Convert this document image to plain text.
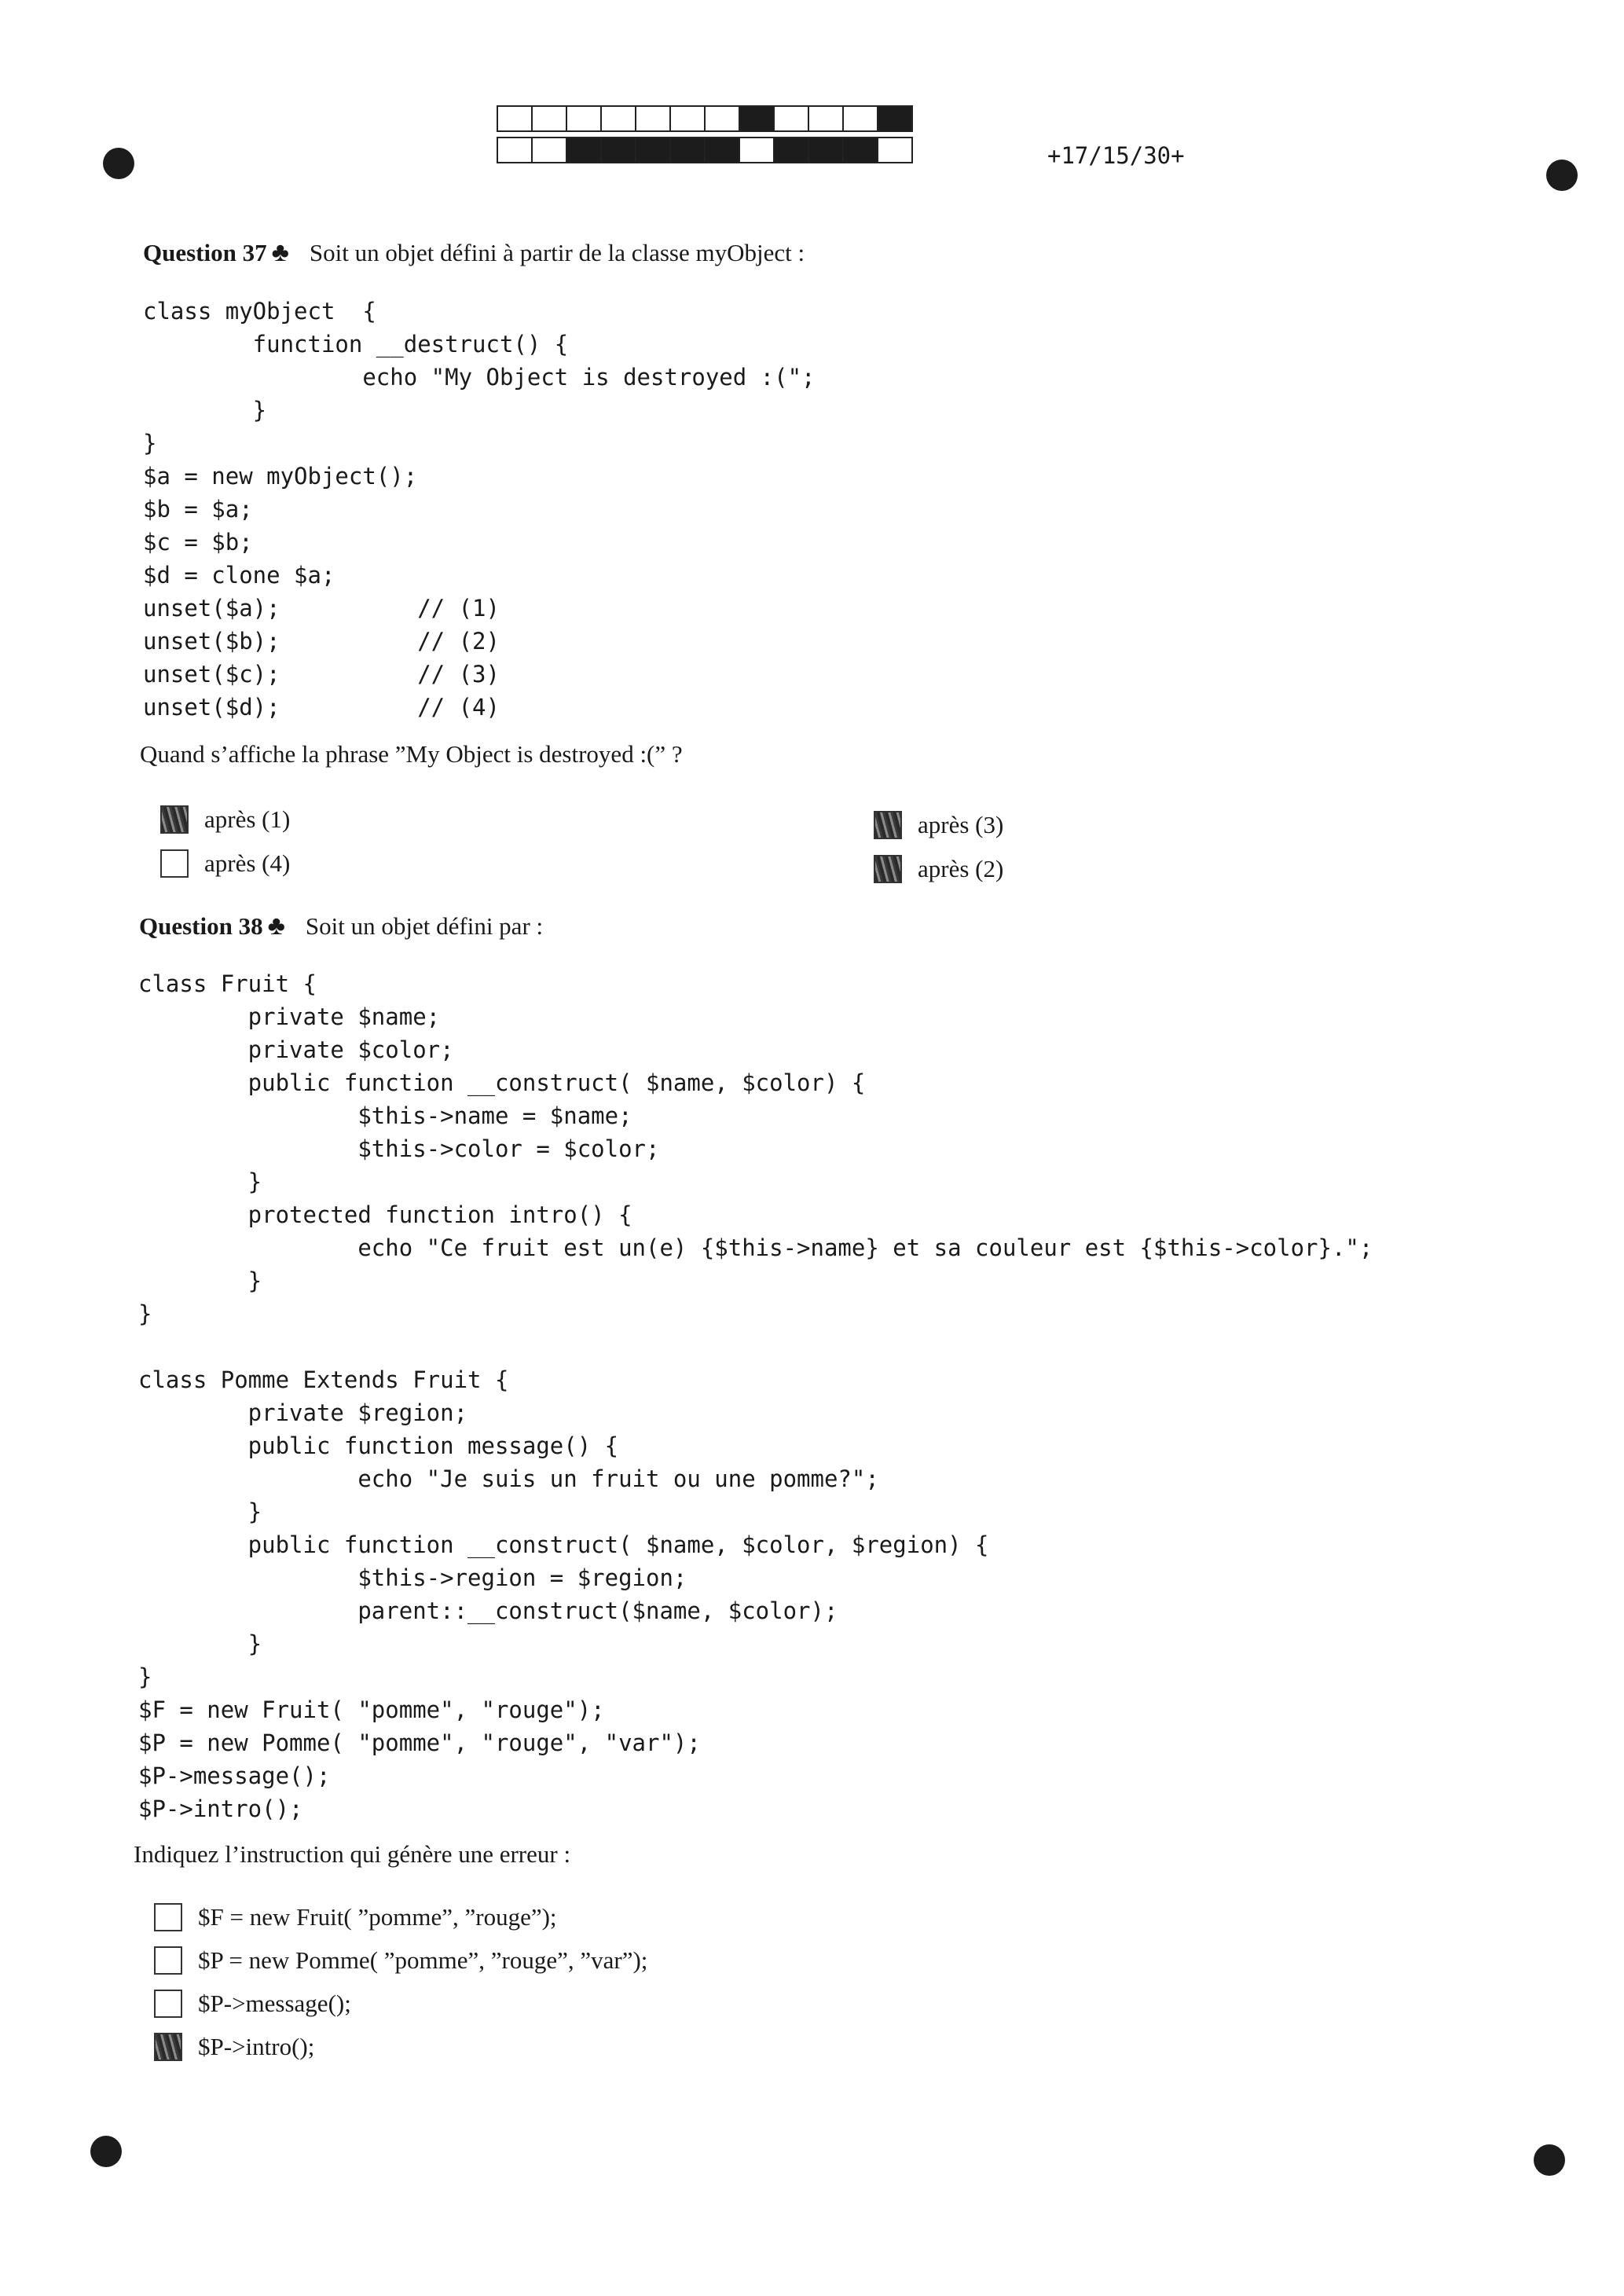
+17/15/30+
Question 37 ♣ Soit un objet défini à partir de la classe myObject :
class myObject  {
function __destruct() {
echo "My Object is destroyed :(";
}
}
$a = new myObject();
$b = $a;
$c = $b;
$d = clone $a;
unset($a);          // (1)
unset($b);          // (2)
unset($c);          // (3)
unset($d);          // (4)
Quand s’affiche la phrase ”My Object is destroyed :(” ?
après (1)
après (4)
après (3)
après (2)
Question 38 ♣ Soit un objet défini par :
class Fruit {
private $name;
private $color;
public function __construct( $name, $color) {
$this->name = $name;
$this->color = $color;
}
protected function intro() {
echo "Ce fruit est un(e) {$this->name} et sa couleur est {$this->color}.";
}
}

class Pomme Extends Fruit {
private $region;
public function message() {
echo "Je suis un fruit ou une pomme?";
}
public function __construct( $name, $color, $region) {
$this->region = $region;
parent::__construct($name, $color);
}
}
$F = new Fruit( "pomme", "rouge");
$P = new Pomme( "pomme", "rouge", "var");
$P->message();
$P->intro();
Indiquez l’instruction qui génère une erreur :
$F = new Fruit( ”pomme”, ”rouge”);
$P = new Pomme( ”pomme”, ”rouge”, ”var”);
$P->message();
$P->intro();
